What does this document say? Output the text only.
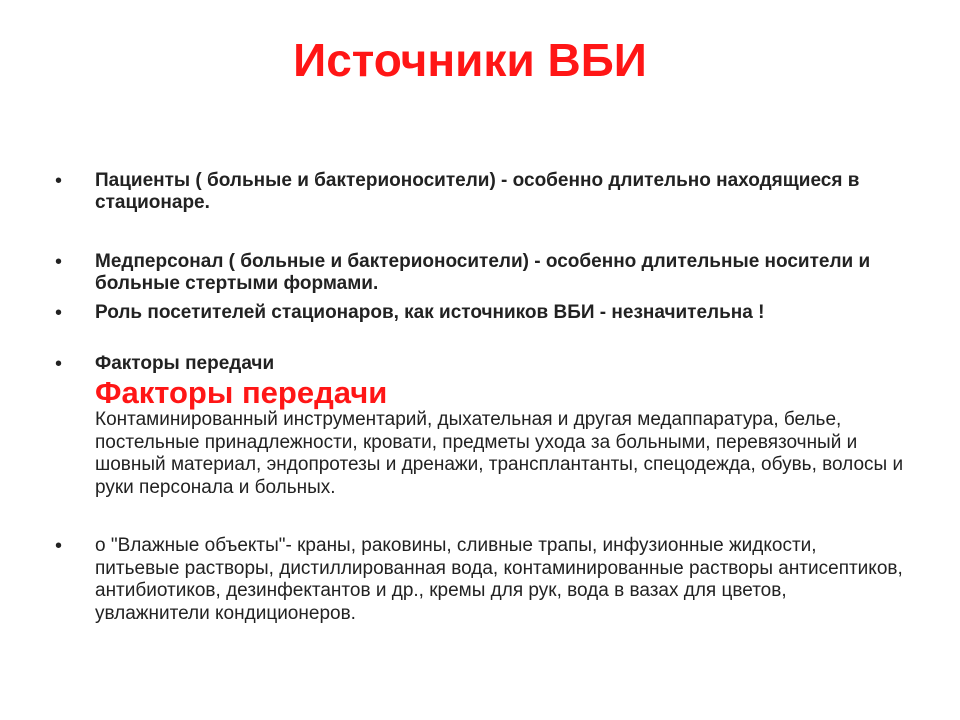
Источники ВБИ
• Пациенты ( больные и бактерионосители) - особенно длительно находящиеся в стационаре.
• Медперсонал ( больные и бактерионосители) - особенно длительные носители и больные стертыми формами.
• Роль посетителей стационаров, как источников ВБИ - незначительна !
• Факторы передачи
Факторы передачи
Контаминированный инструментарий, дыхательная и другая медаппаратура, белье, постельные принадлежности, кровати, предметы ухода за больными, перевязочный и шовный материал, эндопротезы и дренажи, трансплантанты, спецодежда, обувь, волосы и руки персонала и больных.
• о "Влажные объекты"- краны, раковины, сливные трапы, инфузионные жидкости, питьевые растворы, дистиллированная вода, контаминированные растворы антисептиков, антибиотиков, дезинфектантов и др., кремы для рук, вода в вазах для цветов, увлажнители кондиционеров.
